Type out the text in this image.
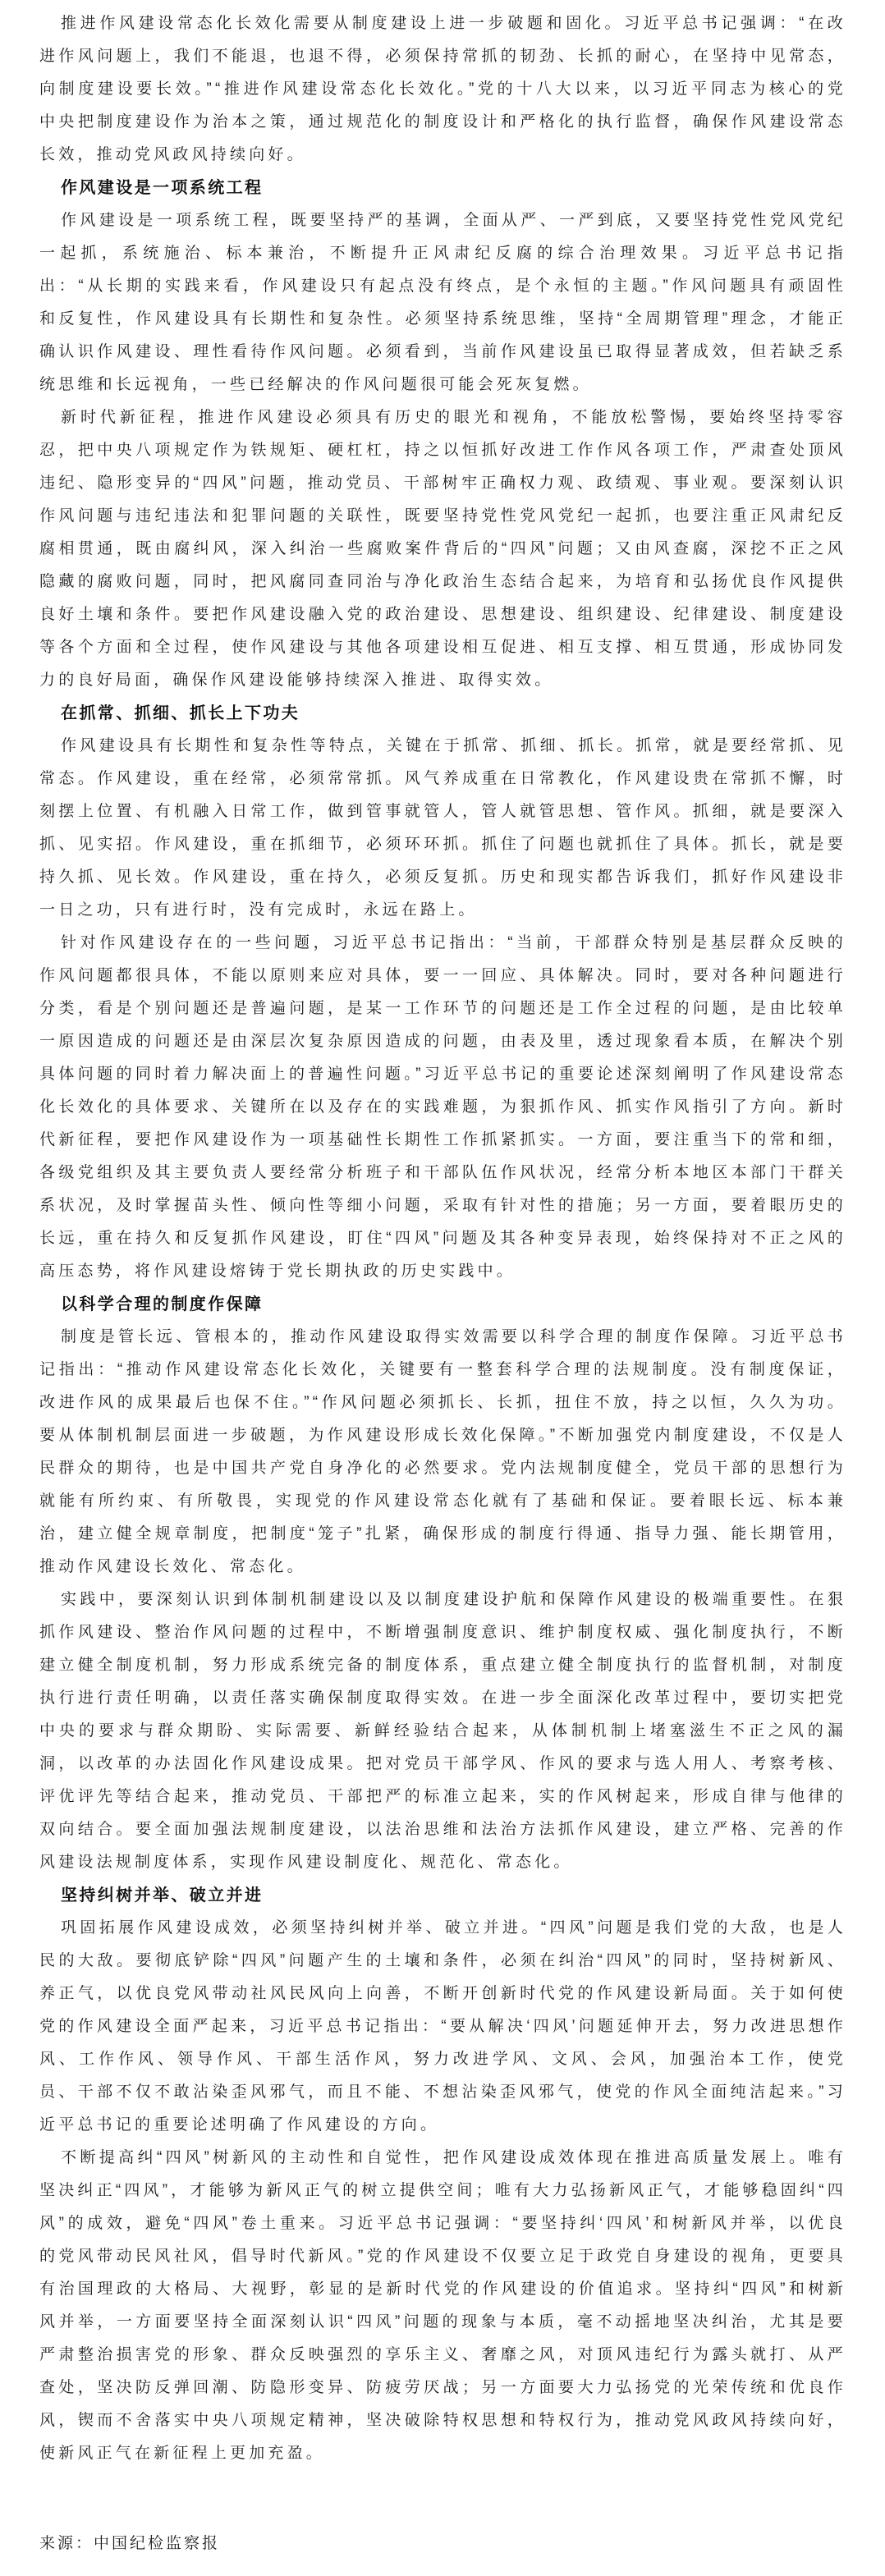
推进作风建设常态化长效化需要从制度建设上进一步破题和固化。习近平总书记强调：“在改进作风问题上，我们不能退，也退不得，必须保持常抓的韧劲、长抓的耐心，在坚持中见常态，向制度建设要长效。”“推进作风建设常态化长效化。”党的十八大以来，以习近平同志为核心的党中央把制度建设作为治本之策，通过规范化的制度设计和严格化的执行监督，确保作风建设常态长效，推动党风政风持续向好。

作风建设是一项系统工程

作风建设是一项系统工程，既要坚持严的基调，全面从严、一严到底，又要坚持党性党风党纪一起抓，系统施治、标本兼治，不断提升正风肃纪反腐的综合治理效果。习近平总书记指出：“从长期的实践来看，作风建设只有起点没有终点，是个永恒的主题。”作风问题具有顽固性和反复性，作风建设具有长期性和复杂性。必须坚持系统思维，坚持“全周期管理”理念，才能正确认识作风建设、理性看待作风问题。必须看到，当前作风建设虽已取得显著成效，但若缺乏系统思维和长远视角，一些已经解决的作风问题很可能会死灰复燃。

新时代新征程，推进作风建设必须具有历史的眼光和视角，不能放松警惕，要始终坚持零容忍，把中央八项规定作为铁规矩、硬杠杠，持之以恒抓好改进工作作风各项工作，严肃查处顶风违纪、隐形变异的“四风”问题，推动党员、干部树牢正确权力观、政绩观、事业观。要深刻认识作风问题与违纪违法和犯罪问题的关联性，既要坚持党性党风党纪一起抓，也要注重正风肃纪反腐相贯通，既由腐纠风，深入纠治一些腐败案件背后的“四风”问题；又由风查腐，深挖不正之风隐藏的腐败问题，同时，把风腐同查同治与净化政治生态结合起来，为培育和弘扬优良作风提供良好土壤和条件。要把作风建设融入党的政治建设、思想建设、组织建设、纪律建设、制度建设等各个方面和全过程，使作风建设与其他各项建设相互促进、相互支撑、相互贯通，形成协同发力的良好局面，确保作风建设能够持续深入推进、取得实效。

在抓常、抓细、抓长上下功夫

作风建设具有长期性和复杂性等特点，关键在于抓常、抓细、抓长。抓常，就是要经常抓、见常态。作风建设，重在经常，必须常常抓。风气养成重在日常教化，作风建设贵在常抓不懈，时刻摆上位置、有机融入日常工作，做到管事就管人，管人就管思想、管作风。抓细，就是要深入抓、见实招。作风建设，重在抓细节，必须环环抓。抓住了问题也就抓住了具体。抓长，就是要持久抓、见长效。作风建设，重在持久，必须反复抓。历史和现实都告诉我们，抓好作风建设非一日之功，只有进行时，没有完成时，永远在路上。

针对作风建设存在的一些问题，习近平总书记指出：“当前，干部群众特别是基层群众反映的作风问题都很具体，不能以原则来应对具体，要一一回应、具体解决。同时，要对各种问题进行分类，看是个别问题还是普遍问题，是某一工作环节的问题还是工作全过程的问题，是由比较单一原因造成的问题还是由深层次复杂原因造成的问题，由表及里，透过现象看本质，在解决个别具体问题的同时着力解决面上的普遍性问题。”习近平总书记的重要论述深刻阐明了作风建设常态化长效化的具体要求、关键所在以及存在的实践难题，为狠抓作风、抓实作风指引了方向。新时代新征程，要把作风建设作为一项基础性长期性工作抓紧抓实。一方面，要注重当下的常和细，各级党组织及其主要负责人要经常分析班子和干部队伍作风状况，经常分析本地区本部门干群关系状况，及时掌握苗头性、倾向性等细小问题，采取有针对性的措施；另一方面，要着眼历史的长远，重在持久和反复抓作风建设，盯住“四风”问题及其各种变异表现，始终保持对不正之风的高压态势，将作风建设熔铸于党长期执政的历史实践中。

以科学合理的制度作保障

制度是管长远、管根本的，推动作风建设取得实效需要以科学合理的制度作保障。习近平总书记指出：“推动作风建设常态化长效化，关键要有一整套科学合理的法规制度。没有制度保证，改进作风的成果最后也保不住。”“作风问题必须抓长、长抓，扭住不放，持之以恒，久久为功。要从体制机制层面进一步破题，为作风建设形成长效化保障。”不断加强党内制度建设，不仅是人民群众的期待，也是中国共产党自身净化的必然要求。党内法规制度健全，党员干部的思想行为就能有所约束、有所敬畏，实现党的作风建设常态化就有了基础和保证。要着眼长远、标本兼治，建立健全规章制度，把制度“笼子”扎紧，确保形成的制度行得通、指导力强、能长期管用，推动作风建设长效化、常态化。

实践中，要深刻认识到体制机制建设以及以制度建设护航和保障作风建设的极端重要性。在狠抓作风建设、整治作风问题的过程中，不断增强制度意识、维护制度权威、强化制度执行，不断建立健全制度机制，努力形成系统完备的制度体系，重点建立健全制度执行的监督机制，对制度执行进行责任明确，以责任落实确保制度取得实效。在进一步全面深化改革过程中，要切实把党中央的要求与群众期盼、实际需要、新鲜经验结合起来，从体制机制上堵塞滋生不正之风的漏洞，以改革的办法固化作风建设成果。把对党员干部学风、作风的要求与选人用人、考察考核、评优评先等结合起来，推动党员、干部把严的标准立起来，实的作风树起来，形成自律与他律的双向结合。要全面加强法规制度建设，以法治思维和法治方法抓作风建设，建立严格、完善的作风建设法规制度体系，实现作风建设制度化、规范化、常态化。

坚持纠树并举、破立并进

巩固拓展作风建设成效，必须坚持纠树并举、破立并进。“四风”问题是我们党的大敌，也是人民的大敌。要彻底铲除“四风”问题产生的土壤和条件，必须在纠治“四风”的同时，坚持树新风、养正气，以优良党风带动社风民风向上向善，不断开创新时代党的作风建设新局面。关于如何使党的作风建设全面严起来，习近平总书记指出：“要从解决‘四风’问题延伸开去，努力改进思想作风、工作作风、领导作风、干部生活作风，努力改进学风、文风、会风，加强治本工作，使党员、干部不仅不敢沾染歪风邪气，而且不能、不想沾染歪风邪气，使党的作风全面纯洁起来。”习近平总书记的重要论述明确了作风建设的方向。

不断提高纠“四风”树新风的主动性和自觉性，把作风建设成效体现在推进高质量发展上。唯有坚决纠正“四风”，才能够为新风正气的树立提供空间；唯有大力弘扬新风正气，才能够稳固纠“四风”的成效，避免“四风”卷土重来。习近平总书记强调：“要坚持纠‘四风’和树新风并举，以优良的党风带动民风社风，倡导时代新风。”党的作风建设不仅要立足于政党自身建设的视角，更要具有治国理政的大格局、大视野，彰显的是新时代党的作风建设的价值追求。坚持纠“四风”和树新风并举，一方面要坚持全面深刻认识“四风”问题的现象与本质，毫不动摇地坚决纠治，尤其是要严肃整治损害党的形象、群众反映强烈的享乐主义、奢靡之风，对顶风违纪行为露头就打、从严查处，坚决防反弹回潮、防隐形变异、防疲劳厌战；另一方面要大力弘扬党的光荣传统和优良作风，锲而不舍落实中央八项规定精神，坚决破除特权思想和特权行为，推动党风政风持续向好，使新风正气在新征程上更加充盈。

来源：中国纪检监察报
